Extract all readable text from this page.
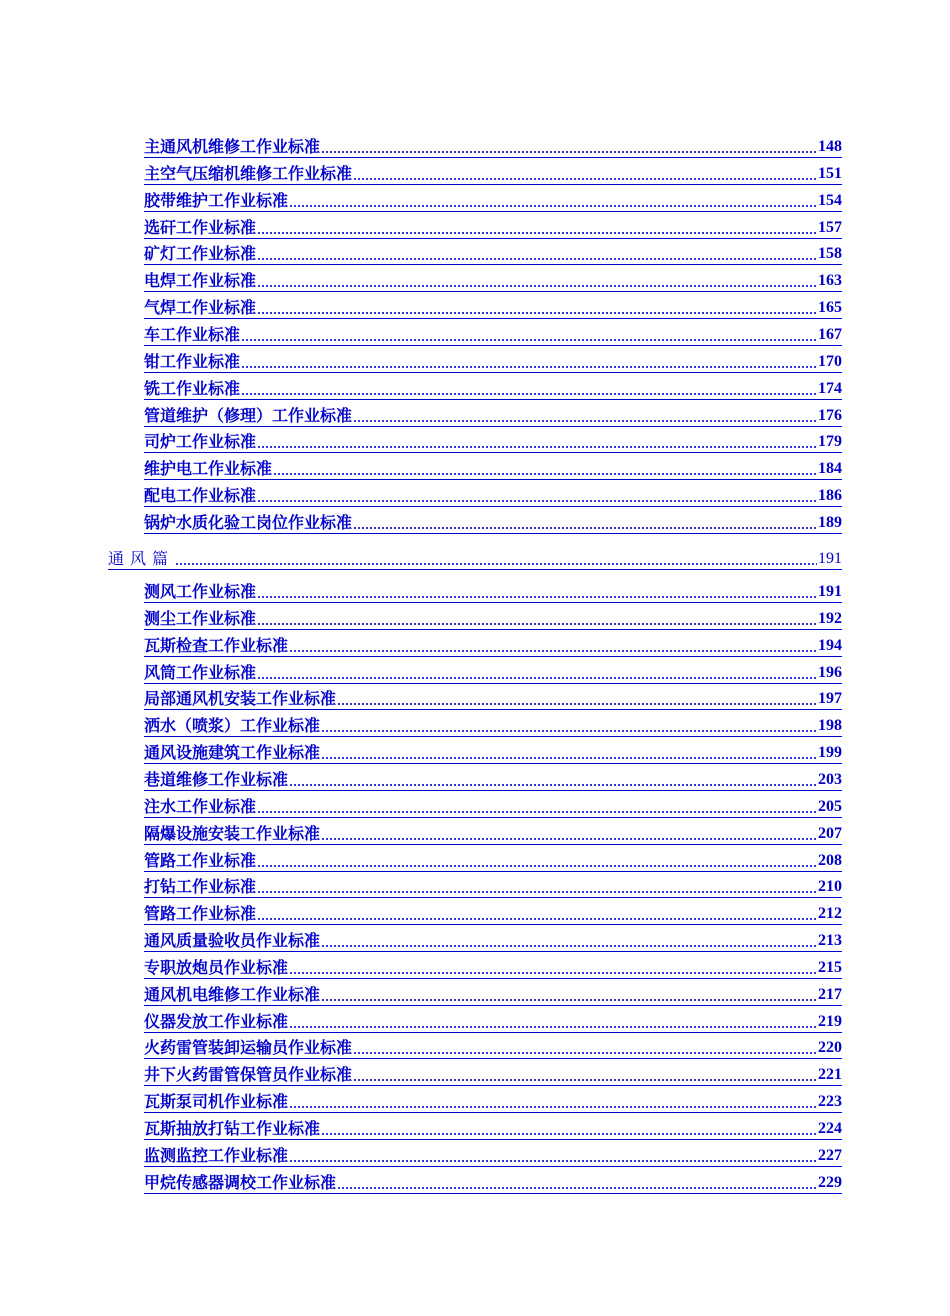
主通风机维修工作业标准	148
主空气压缩机维修工作业标准	151
胶带维护工作业标准	154
选矸工作业标准	157
矿灯工作业标准	158
电焊工作业标准	163
气焊工作业标准	165
车工作业标准	167
钳工作业标准	170
铣工作业标准	174
管道维护（修理）工作业标准	176
司炉工作业标准	179
维护电工作业标准	184
配电工作业标准	186
锅炉水质化验工岗位作业标准	189
通风篇	191
测风工作业标准	191
测尘工作业标准	192
瓦斯检查工作业标准	194
风筒工作业标准	196
局部通风机安装工作业标准	197
洒水（喷浆）工作业标准	198
通风设施建筑工作业标准	199
巷道维修工作业标准	203
注水工作业标准	205
隔爆设施安装工作业标准	207
管路工作业标准	208
打钻工作业标准	210
管路工作业标准	212
通风质量验收员作业标准	213
专职放炮员作业标准	215
通风机电维修工作业标准	217
仪器发放工作业标准	219
火药雷管装卸运输员作业标准	220
井下火药雷管保管员作业标准	221
瓦斯泵司机作业标准	223
瓦斯抽放打钻工作业标准	224
监测监控工作业标准	227
甲烷传感器调校工作业标准	229
